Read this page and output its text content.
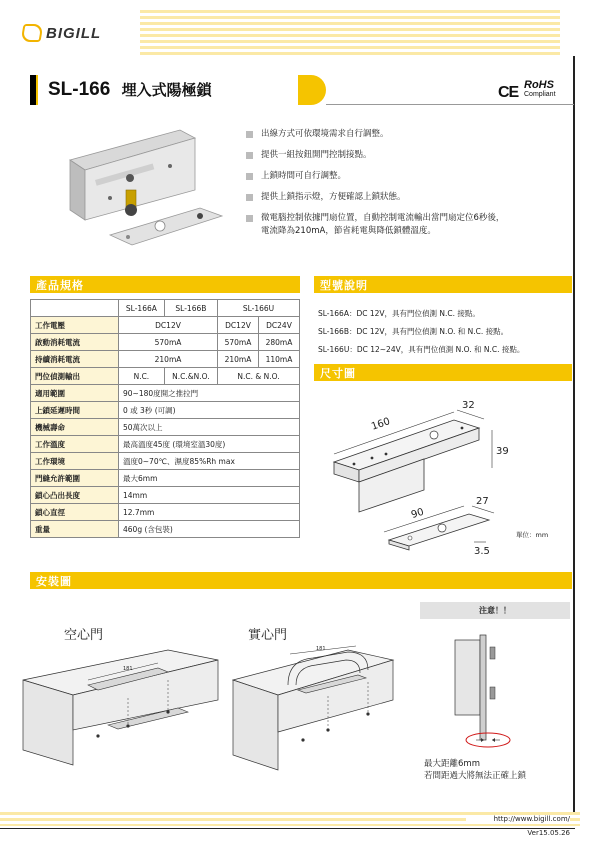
BIGILL
SL-166 埋入式陽極鎖	CE RoHS
Compliant
出線方式可依環境需求自行調整。
提供一組按鈕開門控制接點。
上鎖時間可自行調整。
提供上鎖指示燈，方便確認上鎖狀態。
微電腦控制依據門扇位置，自動控制電流輸出當門扇定位6秒後，
電流降為210mA，節省耗電與降低鎖體溫度。
產品規格
	SL-166A	SL-166B	SL-166U	
工作電壓	DC12V		DC12V	DC24V
啟動消耗電流	570mA		570mA	280mA
持續消耗電流	210mA		210mA	110mA
門位偵測輸出	N.C.	N.C.&N.O.	N.C. & N.O.	
適用範圍	90~180度開之推拉門			
上鎖延遲時間	0 或 3秒 (可調)			
機械壽命	50萬次以上			
工作溫度	最高溫度45度 (環境室溫30度)			
工作環境	溫度0~70℃、濕度85%Rh max			
門縫允許範圍	最大6mm			
鎖心凸出長度	14mm			
鎖心直徑	12.7mm			
重量	460g (含包裝)			
型號說明
SL-166A：DC 12V，具有門位偵測 N.C. 接點。
SL-166B：DC 12V，具有門位偵測 N.O. 和 N.C. 接點。
SL-166U：DC 12~24V，具有門位偵測 N.O. 和 N.C. 接點。
尺寸圖
160
32
39
90
27
3.5
單位：mm
安裝圖
空心門	實心門
181
181
注意！！
最大距離6mm
若間距過大將無法正確上鎖
http://www.bigill.com/
Ver15.05.26
